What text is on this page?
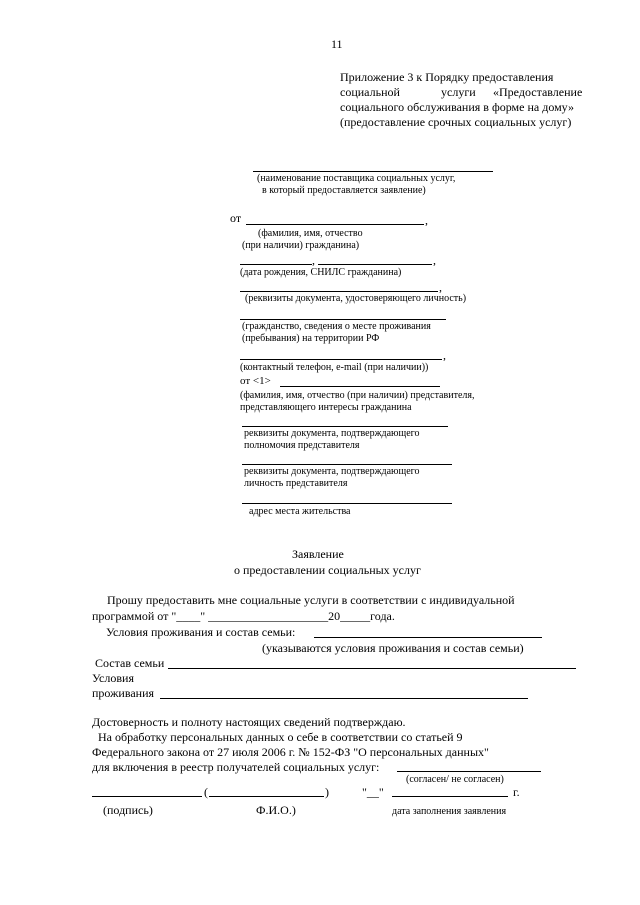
11
Приложение 3 к Порядку предоставления
социальной	услуги «Предоставление
социального обслуживания в форме на дому»
(предоставление срочных социальных услуг)
(наименование поставщика социальных услуг,
в который предоставляется заявление)
от	,
(фамилия, имя, отчество
(при наличии) гражданина)
,	,
(дата рождения, СНИЛС гражданина)
,
(реквизиты документа, удостоверяющего личность)
(гражданство, сведения о месте проживания
(пребывания) на территории РФ
,
(контактный телефон, e-mail (при наличии))
от <1>
(фамилия, имя, отчество (при наличии) представителя,
представляющего интересы гражданина
реквизиты документа, подтверждающего
полномочия представителя
реквизиты документа, подтверждающего
личность представителя
адрес места жительства
Заявление
о предоставлении социальных услуг
Прошу предоставить мне социальные услуги в соответствии с индивидуальной
программой от "____" ____________________20_____года.
Условия проживания и состав семьи:
(указываются условия проживания и состав семьи)
Состав семьи
Условия
проживания
Достоверность и полноту настоящих сведений подтверждаю.
На обработку персональных данных о себе в соответствии со статьей 9
Федерального закона от 27 июля 2006 г. № 152-ФЗ "О персональных данных"
для включения в реестр получателей социальных услуг:
(согласен/ не согласен)
(	)	"__"	г.
(подпись)	Ф.И.О.)	дата заполнения заявления
